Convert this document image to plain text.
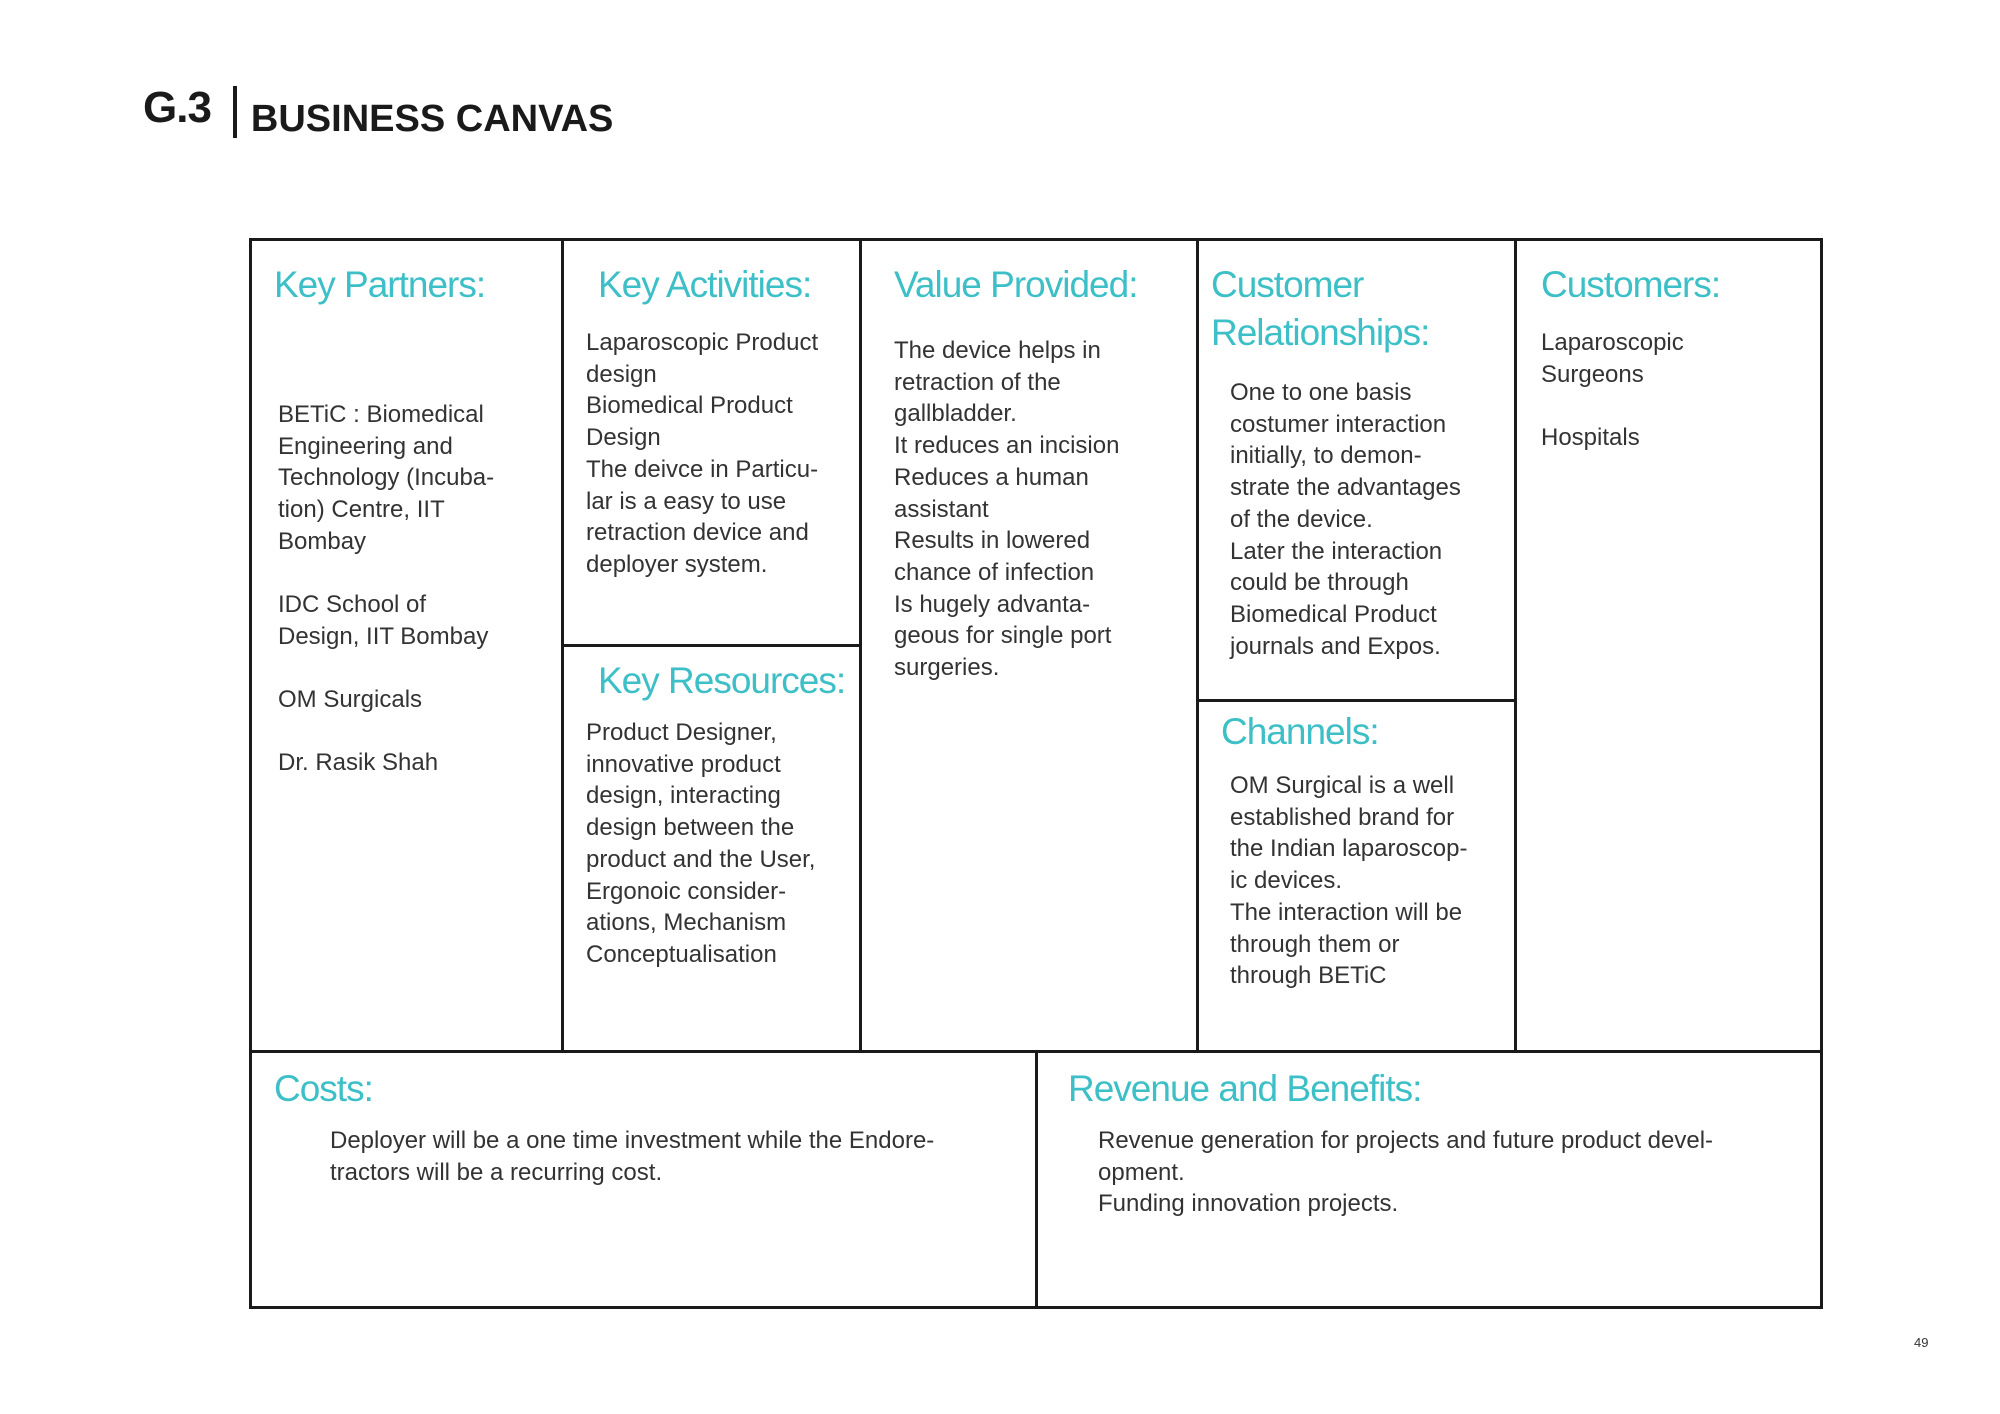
G.3 BUSINESS CANVAS
Key Partners:
BETiC : Biomedical
Engineering and
Technology (Incuba-
tion) Centre, IIT
Bombay
IDC School of
Design, IIT Bombay
OM Surgicals
Dr. Rasik Shah
Key Activities:
Laparoscopic Product
design
Biomedical Product
Design
The deivce in Particu-
lar is a easy to use
retraction device and
deployer system.
Key Resources:
Product Designer,
innovative product
design, interacting
design between the
product and the User,
Ergonoic consider-
ations, Mechanism
Conceptualisation
Value Provided:
The device helps in
retraction of the
gallbladder.
It reduces an incision
Reduces a human
assistant
Results in lowered
chance of infection
Is hugely advanta-
geous for single port
surgeries.
Customer
Relationships:
One to one basis
costumer interaction
initially, to demon-
strate the advantages
of the device.
Later the interaction
could be through
Biomedical Product
journals and Expos.
Channels:
OM Surgical is a well
established brand for
the Indian laparoscop-
ic devices.
The interaction will be
through them or
through BETiC
Customers:
Laparoscopic
Surgeons
Hospitals
Costs:
Deployer will be a one time investment while the Endore-
tractors will be a recurring cost.
Revenue and Benefits:
Revenue generation for projects and future product devel-
opment.
Funding innovation projects.
49
